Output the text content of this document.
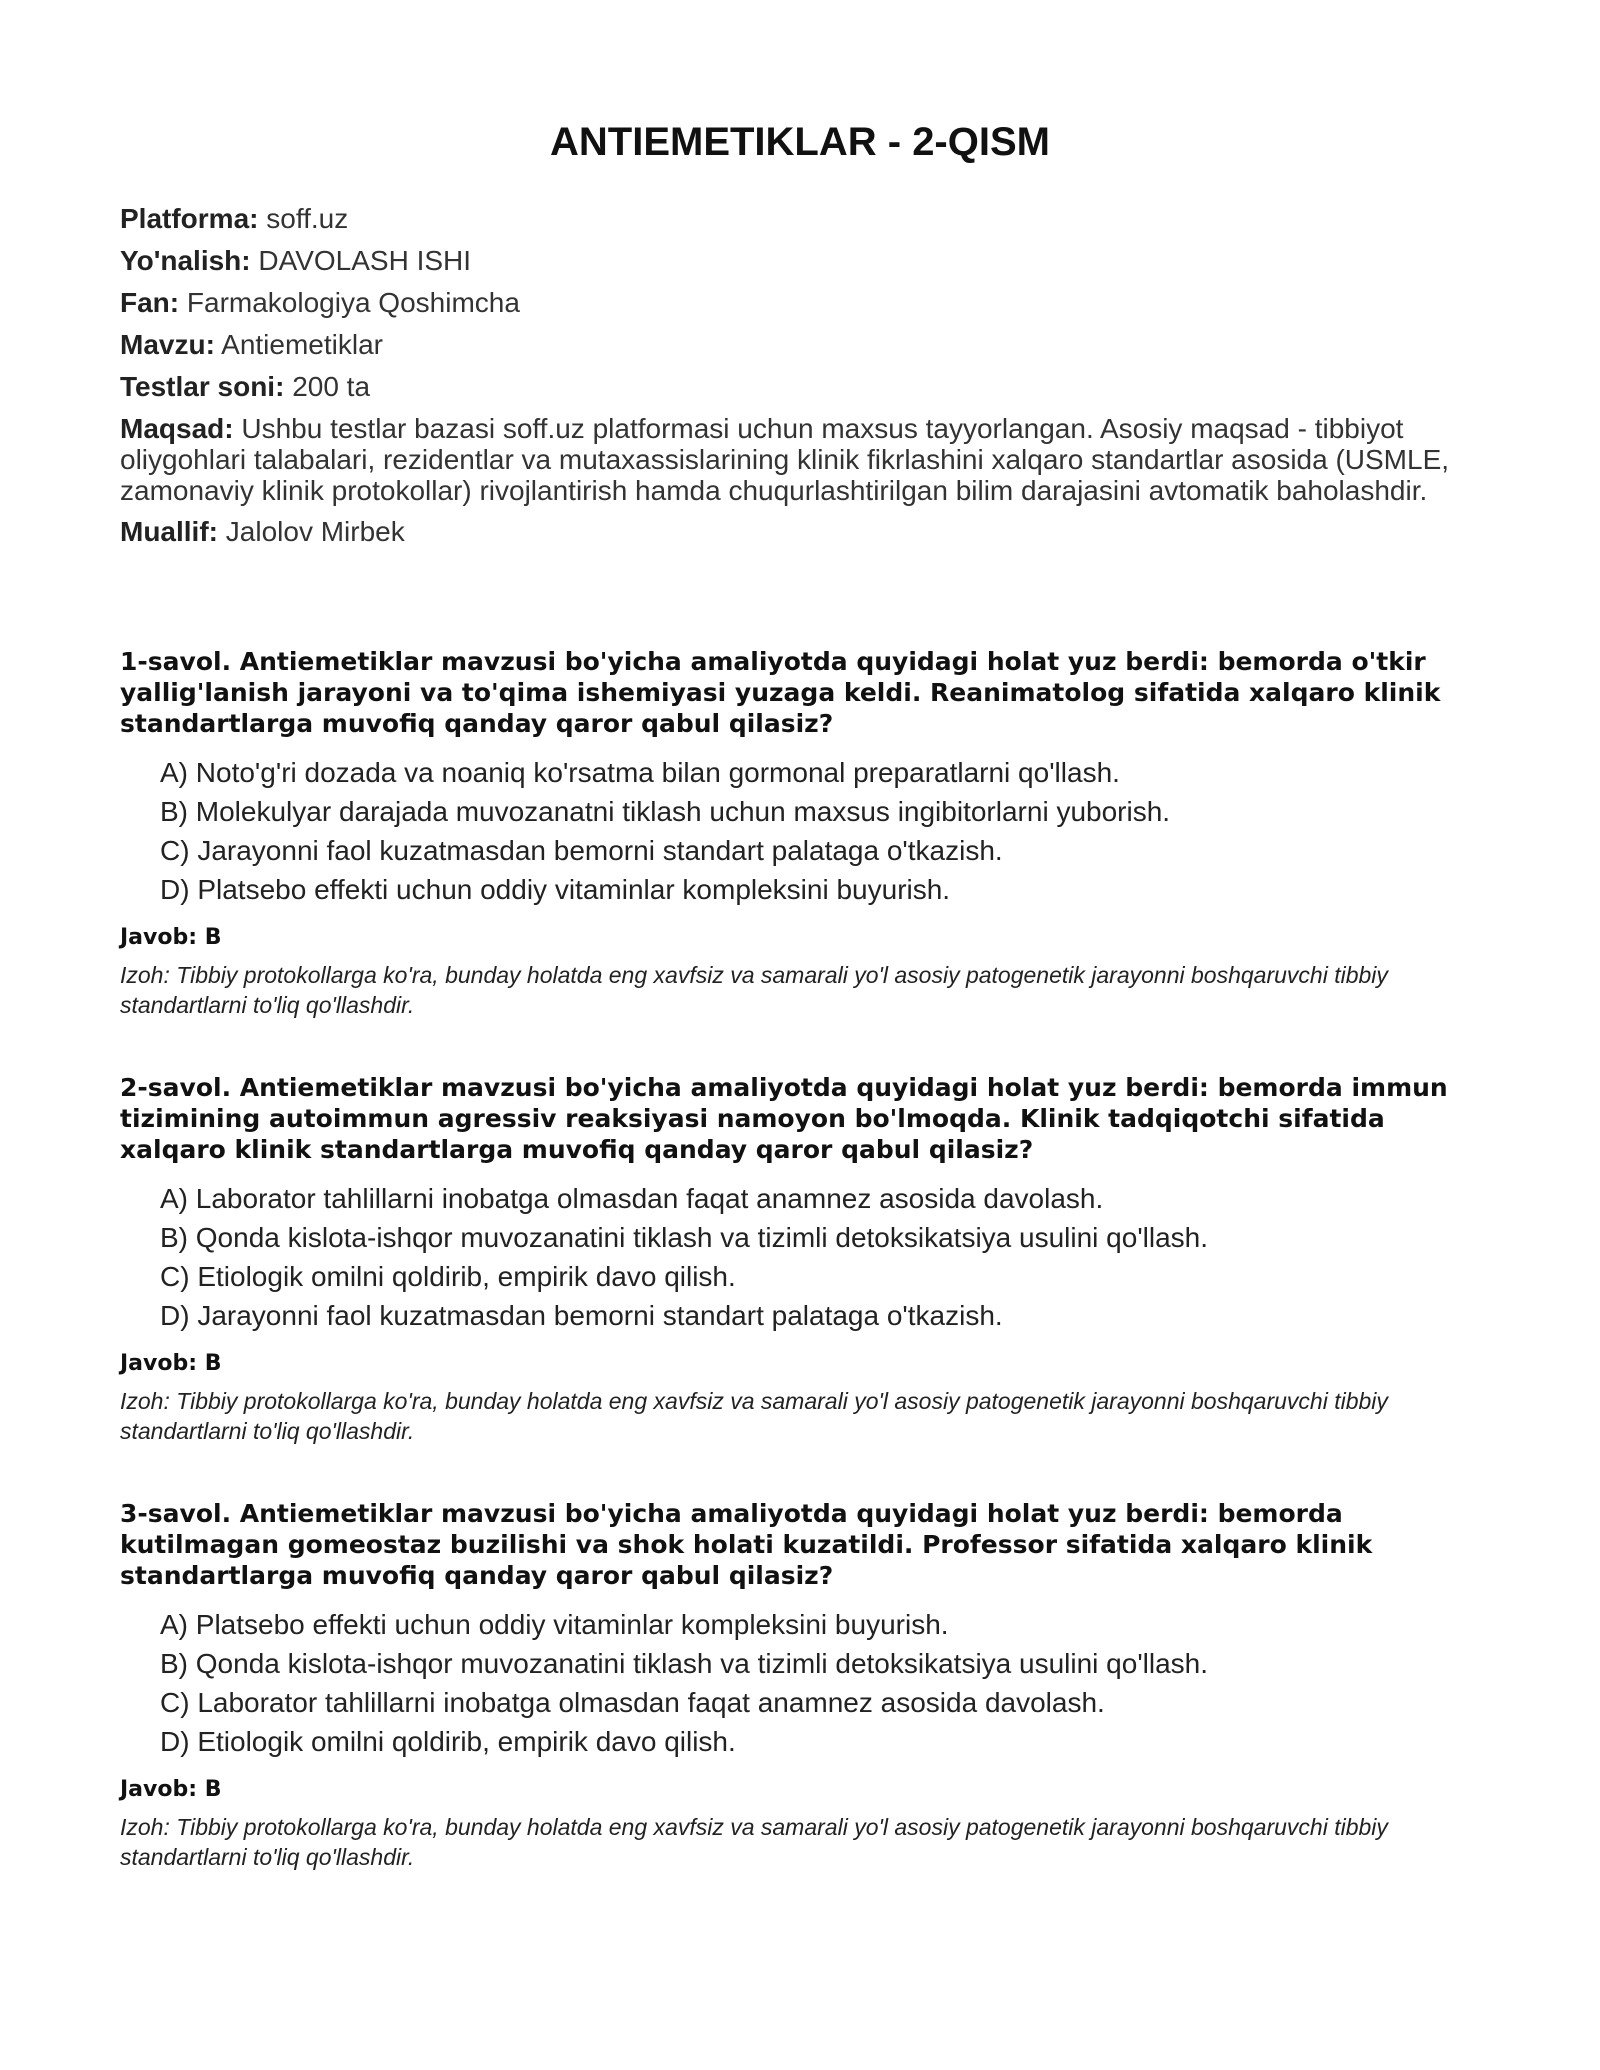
ANTIEMETIKLAR - 2-QISM

Platforma: soff.uz

Yo'nalish: DAVOLASH ISHI

Fan: Farmakologiya Qoshimcha

Mavzu: Antiemetiklar

Testlar soni: 200 ta

Maqsad: Ushbu testlar bazasi soff.uz platformasi uchun maxsus tayyorlangan. Asosiy maqsad - tibbiyot oliygohlari talabalari, rezidentlar va mutaxassislarining klinik fikrlashini xalqaro standartlar asosida (USMLE, zamonaviy klinik protokollar) rivojlantirish hamda chuqurlashtirilgan bilim darajasini avtomatik baholashdir.

Muallif: Jalolov Mirbek

1-savol. Antiemetiklar mavzusi bo'yicha amaliyotda quyidagi holat yuz berdi: bemorda o'tkir yallig'lanish jarayoni va to'qima ishemiyasi yuzaga keldi. Reanimatolog sifatida xalqaro klinik standartlarga muvofiq qanday qaror qabul qilasiz?

A) Noto'g'ri dozada va noaniq ko'rsatma bilan gormonal preparatlarni qo'llash.

B) Molekulyar darajada muvozanatni tiklash uchun maxsus ingibitorlarni yuborish.

C) Jarayonni faol kuzatmasdan bemorni standart palataga o'tkazish.

D) Platsebo effekti uchun oddiy vitaminlar kompleksini buyurish.

Javob: B

Izoh: Tibbiy protokollarga ko'ra, bunday holatda eng xavfsiz va samarali yo'l asosiy patogenetik jarayonni boshqaruvchi tibbiy standartlarni to'liq qo'llashdir.

2-savol. Antiemetiklar mavzusi bo'yicha amaliyotda quyidagi holat yuz berdi: bemorda immun tizimining autoimmun agressiv reaksiyasi namoyon bo'lmoqda. Klinik tadqiqotchi sifatida xalqaro klinik standartlarga muvofiq qanday qaror qabul qilasiz?

A) Laborator tahlillarni inobatga olmasdan faqat anamnez asosida davolash.

B) Qonda kislota-ishqor muvozanatini tiklash va tizimli detoksikatsiya usulini qo'llash.

C) Etiologik omilni qoldirib, empirik davo qilish.

D) Jarayonni faol kuzatmasdan bemorni standart palataga o'tkazish.

Javob: B

Izoh: Tibbiy protokollarga ko'ra, bunday holatda eng xavfsiz va samarali yo'l asosiy patogenetik jarayonni boshqaruvchi tibbiy standartlarni to'liq qo'llashdir.

3-savol. Antiemetiklar mavzusi bo'yicha amaliyotda quyidagi holat yuz berdi: bemorda kutilmagan gomeostaz buzilishi va shok holati kuzatildi. Professor sifatida xalqaro klinik standartlarga muvofiq qanday qaror qabul qilasiz?

A) Platsebo effekti uchun oddiy vitaminlar kompleksini buyurish.

B) Qonda kislota-ishqor muvozanatini tiklash va tizimli detoksikatsiya usulini qo'llash.

C) Laborator tahlillarni inobatga olmasdan faqat anamnez asosida davolash.

D) Etiologik omilni qoldirib, empirik davo qilish.

Javob: B

Izoh: Tibbiy protokollarga ko'ra, bunday holatda eng xavfsiz va samarali yo'l asosiy patogenetik jarayonni boshqaruvchi tibbiy standartlarni to'liq qo'llashdir.
